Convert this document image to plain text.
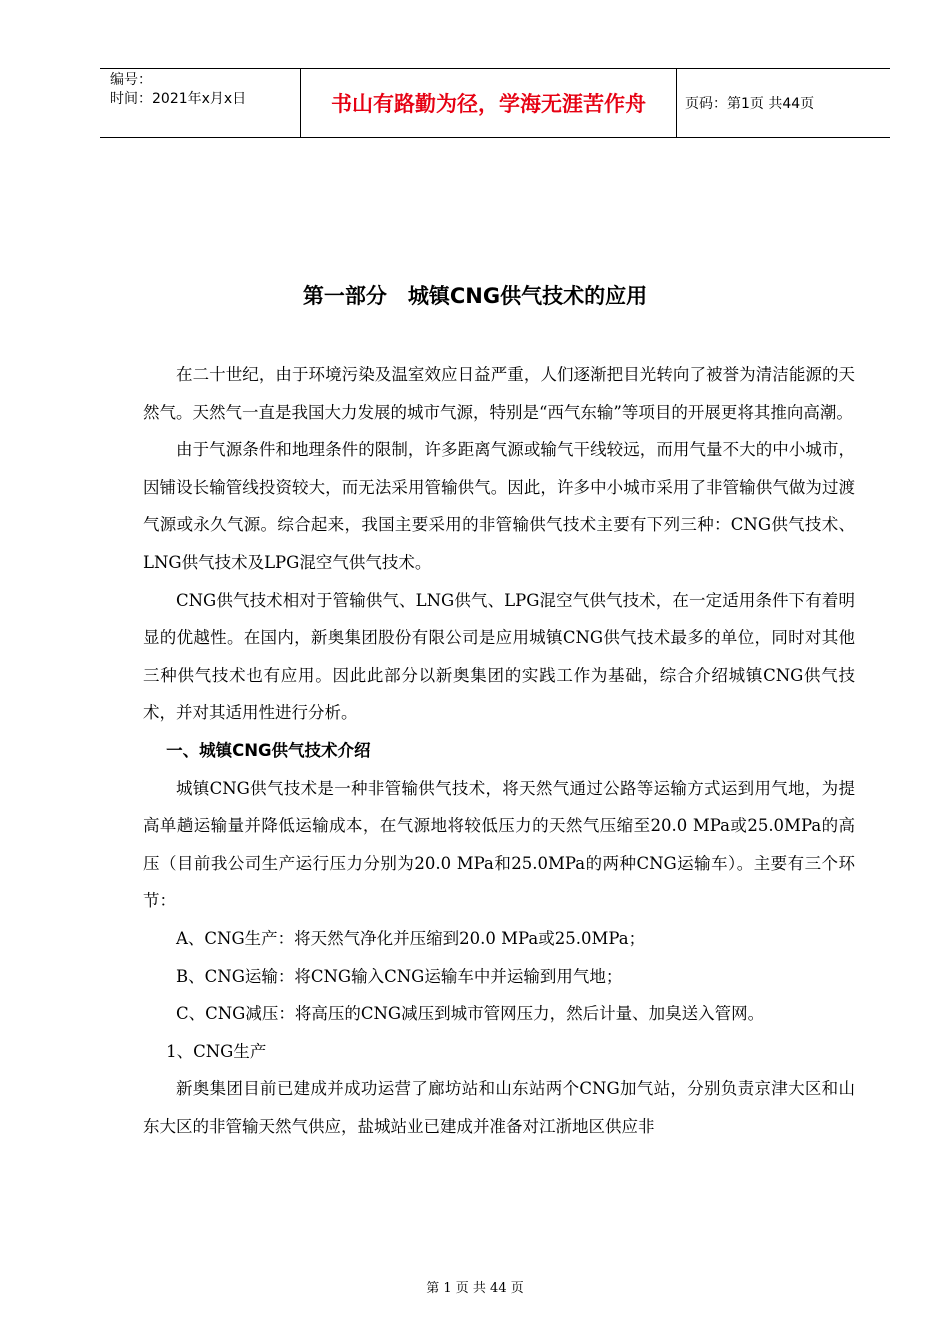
编号：
时间：2021年x月x日	书山有路勤为径，学海无涯苦作舟	页码：第1页 共44页
第一部分　城镇CNG供气技术的应用

在二十世纪，由于环境污染及温室效应日益严重，人们逐渐把目光转向了被誉为清洁能源的天然气。天然气一直是我国大力发展的城市气源，特别是“西气东输”等项目的开展更将其推向高潮。

由于气源条件和地理条件的限制，许多距离气源或输气干线较远，而用气量不大的中小城市，因铺设长输管线投资较大，而无法采用管输供气。因此，许多中小城市采用了非管输供气做为过渡气源或永久气源。综合起来，我国主要采用的非管输供气技术主要有下列三种：CNG供气技术、LNG供气技术及LPG混空气供气技术。

CNG供气技术相对于管输供气、LNG供气、LPG混空气供气技术，在一定适用条件下有着明显的优越性。在国内，新奥集团股份有限公司是应用城镇CNG供气技术最多的单位，同时对其他三种供气技术也有应用。因此此部分以新奥集团的实践工作为基础，综合介绍城镇CNG供气技术，并对其适用性进行分析。

一、城镇CNG供气技术介绍

城镇CNG供气技术是一种非管输供气技术，将天然气通过公路等运输方式运到用气地，为提高单趟运输量并降低运输成本，在气源地将较低压力的天然气压缩至20.0 MPa或25.0MPa的高压（目前我公司生产运行压力分别为20.0 MPa和25.0MPa的两种CNG运输车）。主要有三个环节：

A、CNG生产：将天然气净化并压缩到20.0 MPa或25.0MPa；

B、CNG运输：将CNG输入CNG运输车中并运输到用气地；

C、CNG减压：将高压的CNG减压到城市管网压力，然后计量、加臭送入管网。

1、CNG生产

新奥集团目前已建成并成功运营了廊坊站和山东站两个CNG加气站，分别负责京津大区和山东大区的非管输天然气供应，盐城站业已建成并准备对江浙地区供应非

第 1 页 共 44 页
